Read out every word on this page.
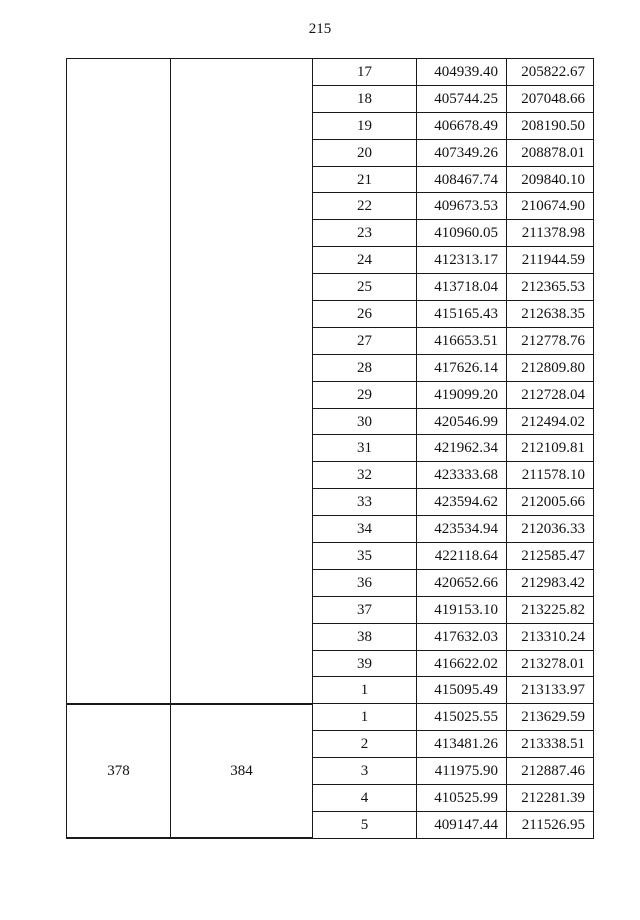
215
		17	404939.40	205822.67
		18	405744.25	207048.66
		19	406678.49	208190.50
		20	407349.26	208878.01
		21	408467.74	209840.10
		22	409673.53	210674.90
		23	410960.05	211378.98
		24	412313.17	211944.59
		25	413718.04	212365.53
		26	415165.43	212638.35
		27	416653.51	212778.76
		28	417626.14	212809.80
		29	419099.20	212728.04
		30	420546.99	212494.02
		31	421962.34	212109.81
		32	423333.68	211578.10
		33	423594.62	212005.66
		34	423534.94	212036.33
		35	422118.64	212585.47
		36	420652.66	212983.42
		37	419153.10	213225.82
		38	417632.03	213310.24
		39	416622.02	213278.01
		1	415095.49	213133.97
378	384	1	415025.55	213629.59
		2	413481.26	213338.51
		3	411975.90	212887.46
		4	410525.99	212281.39
		5	409147.44	211526.95
